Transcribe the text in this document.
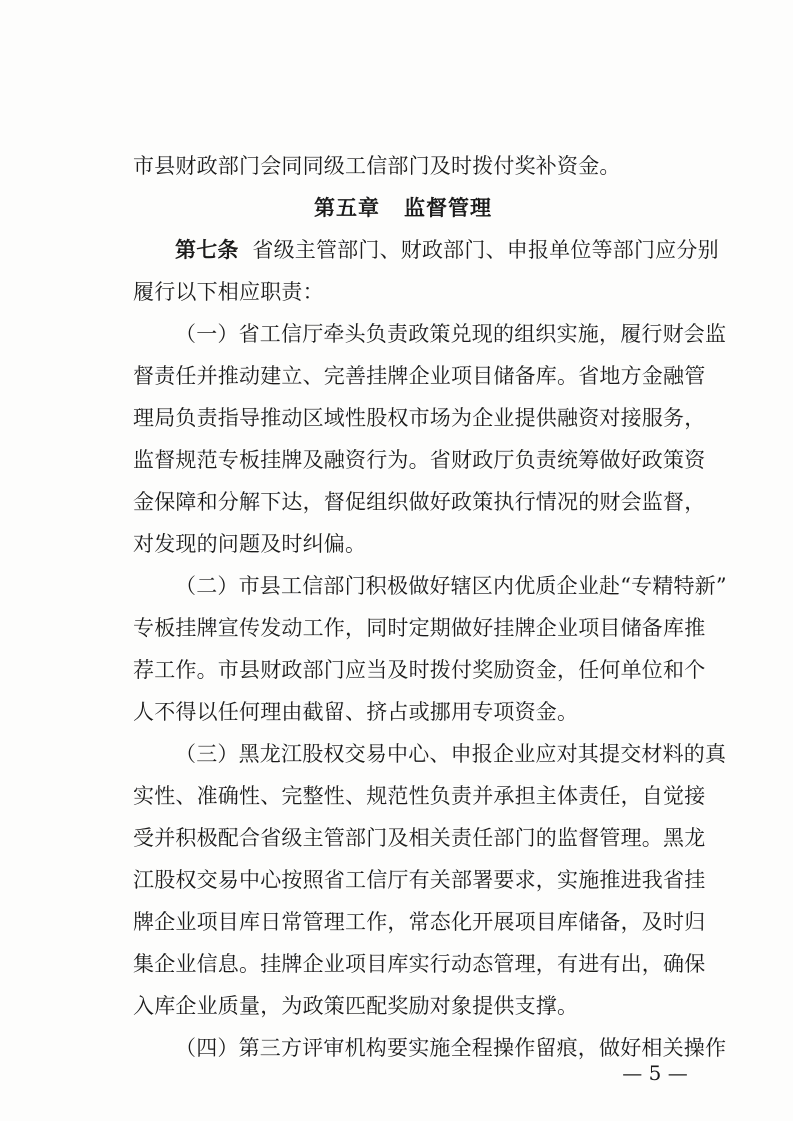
市县财政部门会同同级工信部门及时拨付奖补资金。
第五章 监督管理
第七条 省级主管部门、财政部门、申报单位等部门应分别
履行以下相应职责：
（一）省工信厅牵头负责政策兑现的组织实施，履行财会监
督责任并推动建立、完善挂牌企业项目储备库。省地方金融管
理局负责指导推动区域性股权市场为企业提供融资对接服务，
监督规范专板挂牌及融资行为。省财政厅负责统筹做好政策资
金保障和分解下达，督促组织做好政策执行情况的财会监督，
对发现的问题及时纠偏。
（二）市县工信部门积极做好辖区内优质企业赴“专精特新”
专板挂牌宣传发动工作，同时定期做好挂牌企业项目储备库推
荐工作。市县财政部门应当及时拨付奖励资金，任何单位和个
人不得以任何理由截留、挤占或挪用专项资金。
（三）黑龙江股权交易中心、申报企业应对其提交材料的真
实性、准确性、完整性、规范性负责并承担主体责任，自觉接
受并积极配合省级主管部门及相关责任部门的监督管理。黑龙
江股权交易中心按照省工信厅有关部署要求，实施推进我省挂
牌企业项目库日常管理工作，常态化开展项目库储备，及时归
集企业信息。挂牌企业项目库实行动态管理，有进有出，确保
入库企业质量，为政策匹配奖励对象提供支撑。
（四）第三方评审机构要实施全程操作留痕，做好相关操作
— 5 —
